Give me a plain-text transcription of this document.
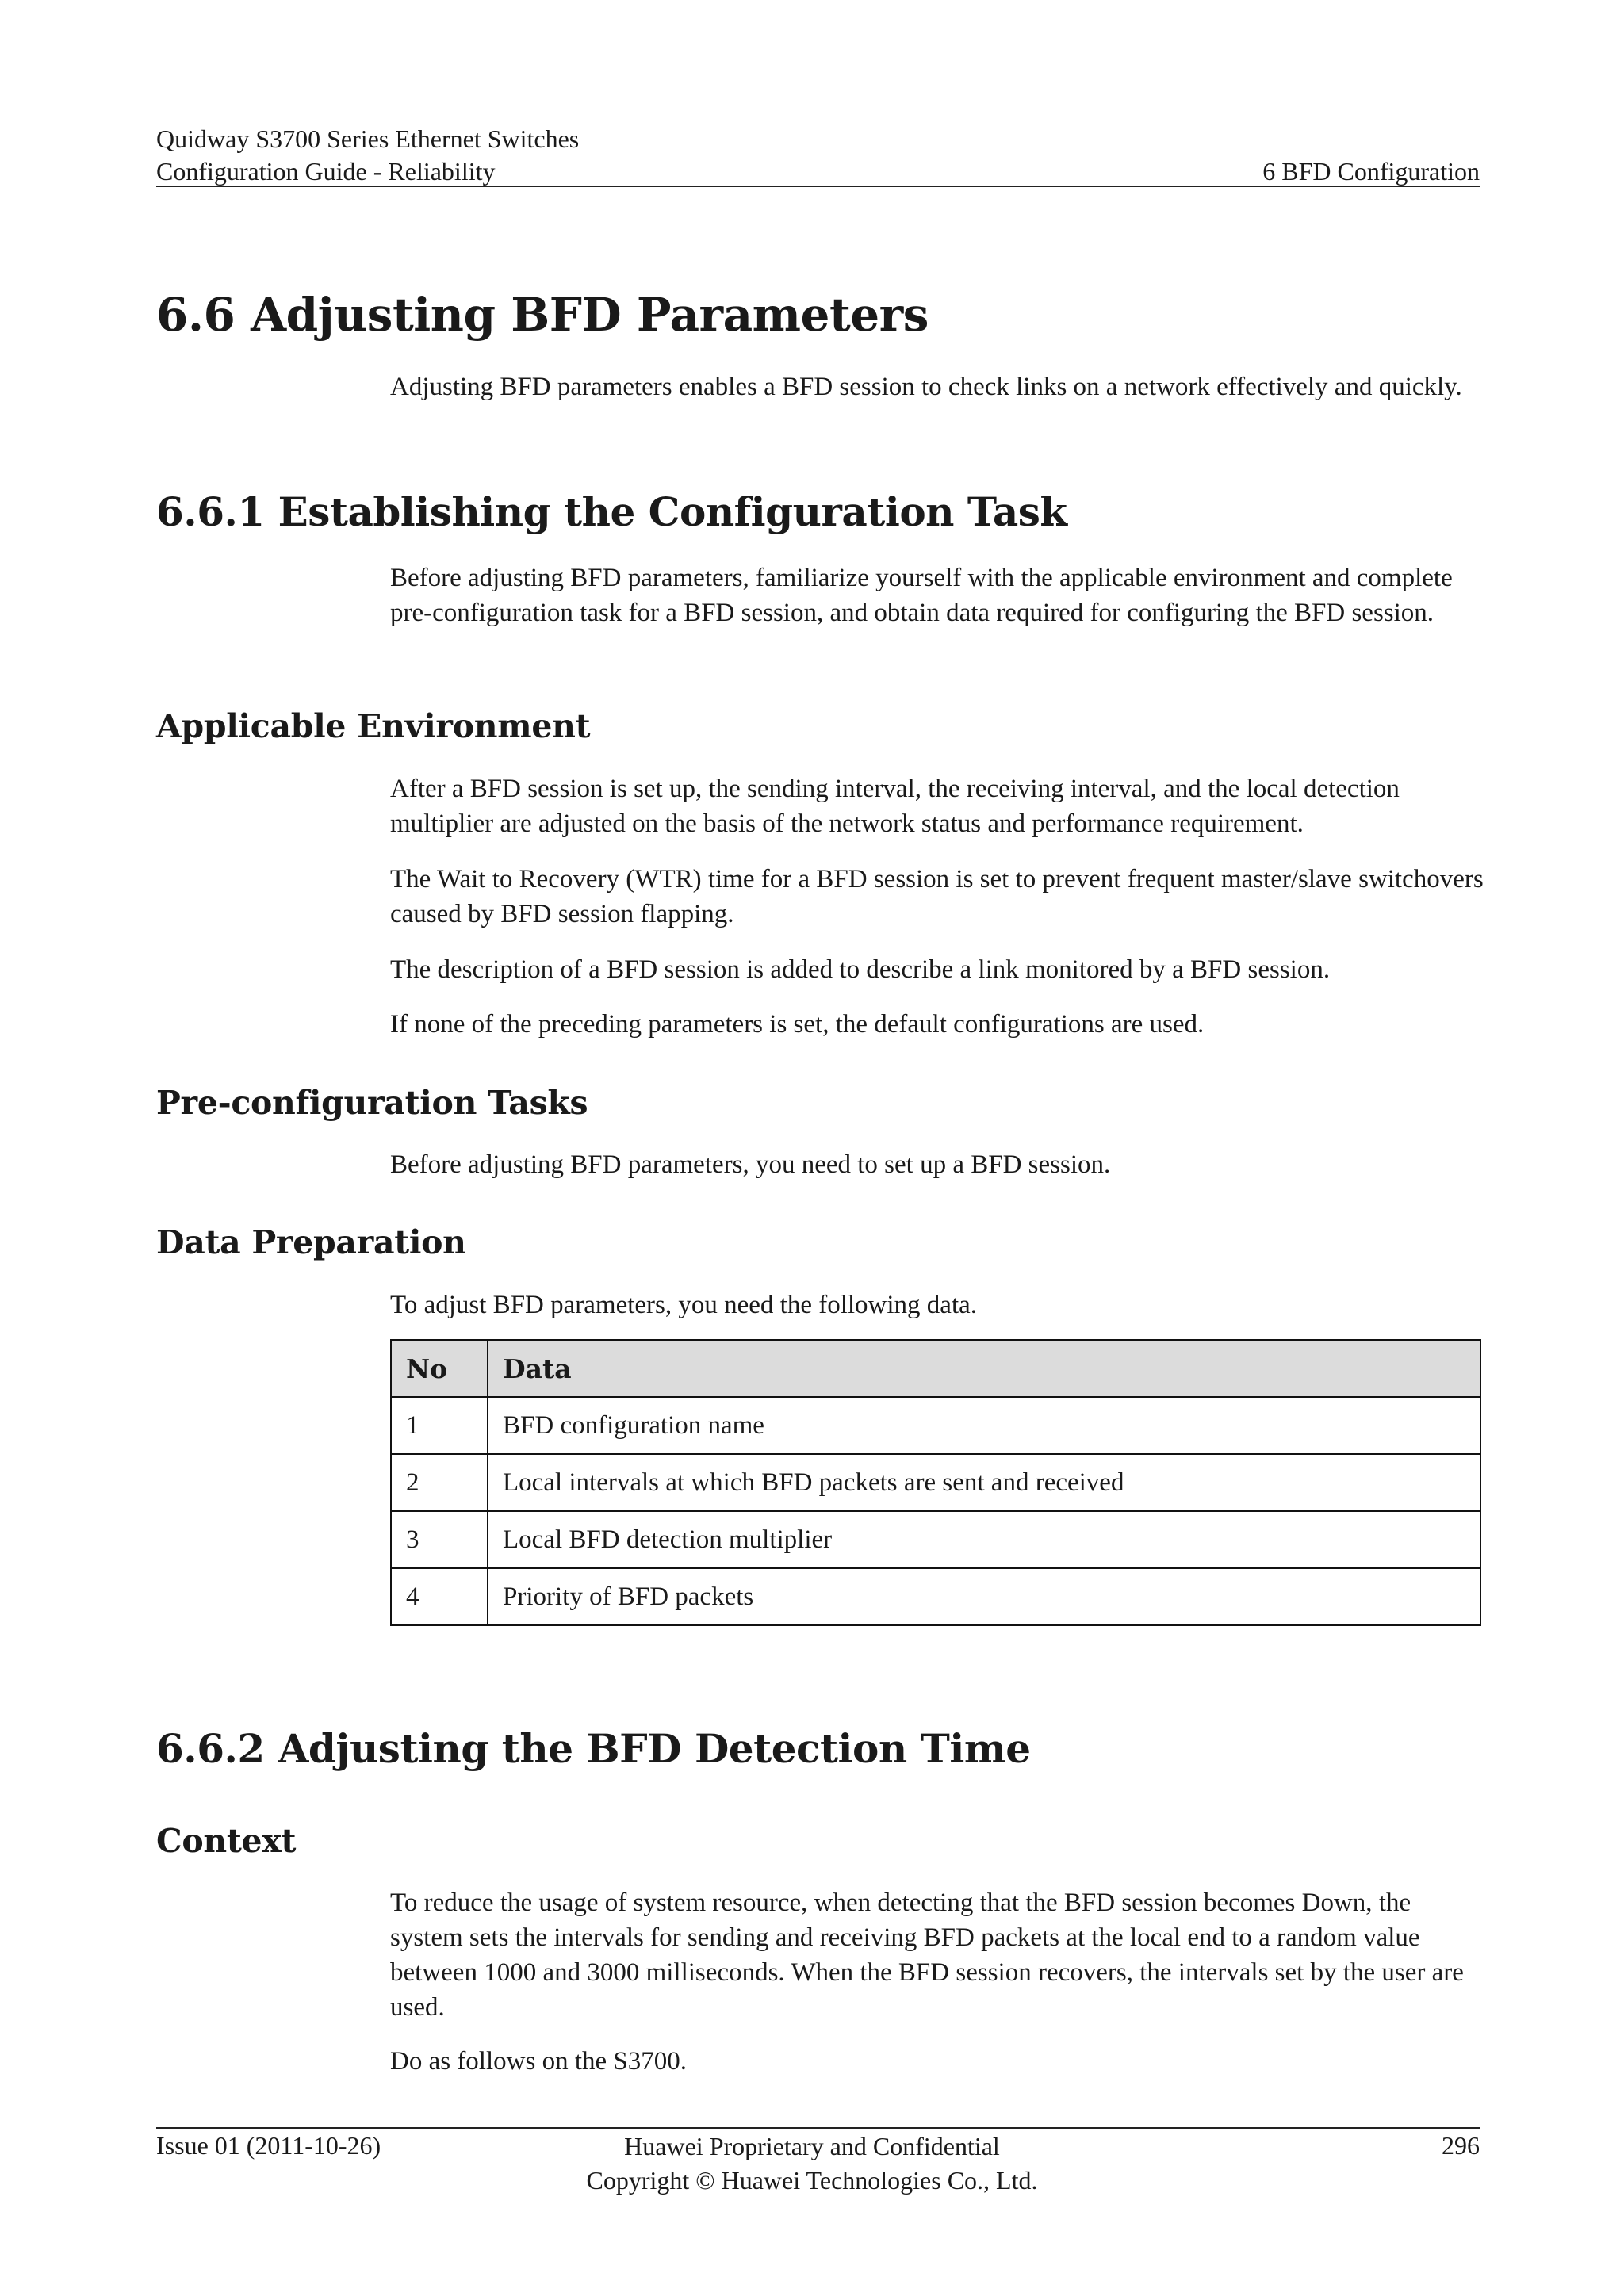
Quidway S3700 Series Ethernet Switches
Configuration Guide - Reliability	6 BFD Configuration
6.6 Adjusting BFD Parameters

Adjusting BFD parameters enables a BFD session to check links on a network effectively and quickly.

6.6.1 Establishing the Configuration Task

Before adjusting BFD parameters, familiarize yourself with the applicable environment and complete pre-configuration task for a BFD session, and obtain data required for configuring the BFD session.

Applicable Environment

After a BFD session is set up, the sending interval, the receiving interval, and the local detection multiplier are adjusted on the basis of the network status and performance requirement.

The Wait to Recovery (WTR) time for a BFD session is set to prevent frequent master/slave switchovers caused by BFD session flapping.

The description of a BFD session is added to describe a link monitored by a BFD session.

If none of the preceding parameters is set, the default configurations are used.

Pre-configuration Tasks

Before adjusting BFD parameters, you need to set up a BFD session.

Data Preparation

To adjust BFD parameters, you need the following data.

No	Data
1	BFD configuration name
2	Local intervals at which BFD packets are sent and received
3	Local BFD detection multiplier
4	Priority of BFD packets
6.6.2 Adjusting the BFD Detection Time
Context

To reduce the usage of system resource, when detecting that the BFD session becomes Down, the system sets the intervals for sending and receiving BFD packets at the local end to a random value between 1000 and 3000 milliseconds. When the BFD session recovers, the intervals set by the user are used.

Do as follows on the S3700.

Issue 01 (2011-10-26)	Huawei Proprietary and Confidential
Copyright © Huawei Technologies Co., Ltd.
296
